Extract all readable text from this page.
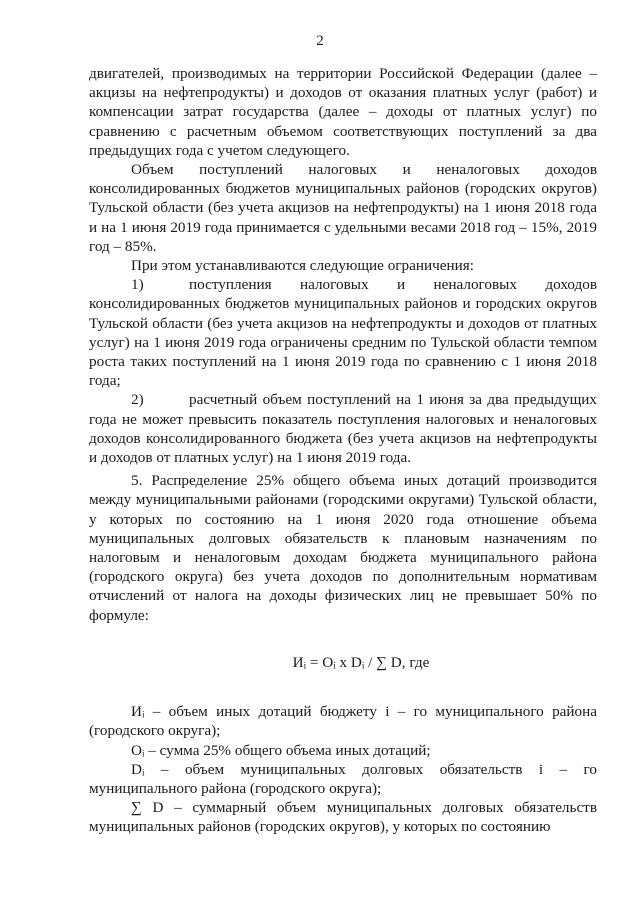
2

двигателей, производимых на территории Российской Федерации (далее – акцизы на нефтепродукты) и доходов от оказания платных услуг (работ) и компенсации затрат государства (далее – доходы от платных услуг) по сравнению с расчетным объемом соответствующих поступлений за два предыдущих года с учетом следующего.

Объем поступлений налоговых и неналоговых доходов консолидированных бюджетов муниципальных районов (городских округов) Тульской области (без учета акцизов на нефтепродукты) на 1 июня 2018 года и на 1 июня 2019 года принимается с удельными весами 2018 год – 15%, 2019 год – 85%.

При этом устанавливаются следующие ограничения:

1)	поступления налоговых и неналоговых доходов консолидированных бюджетов муниципальных районов и городских округов Тульской области (без учета акцизов на нефтепродукты и доходов от платных услуг) на 1 июня 2019 года ограничены средним по Тульской области темпом роста таких поступлений на 1 июня 2019 года по сравнению с 1 июня 2018 года;

2)	расчетный объем поступлений на 1 июня за два предыдущих года не может превысить показатель поступления налоговых и неналоговых доходов консолидированного бюджета (без учета акцизов на нефтепродукты и доходов от платных услуг) на 1 июня 2019 года.

5. Распределение 25% общего объема иных дотаций производится между муниципальными районами (городскими округами) Тульской области, у которых по состоянию на 1 июня 2020 года отношение объема муниципальных долговых обязательств к плановым назначениям по налоговым и неналоговым доходам бюджета муниципального района (городского округа) без учета доходов по дополнительным нормативам отчислений от налога на доходы физических лиц не превышает 50% по формуле:

Иᵢ = Оᵢ x Dᵢ / ∑ D, где

Иᵢ – объем иных дотаций бюджету i – го муниципального района (городского округа);

Оᵢ – сумма 25% общего объема иных дотаций;

Dᵢ – объем муниципальных долговых обязательств i – го муниципального района (городского округа);

∑ D – суммарный объем муниципальных долговых обязательств муниципальных районов (городских округов), у которых по состоянию
